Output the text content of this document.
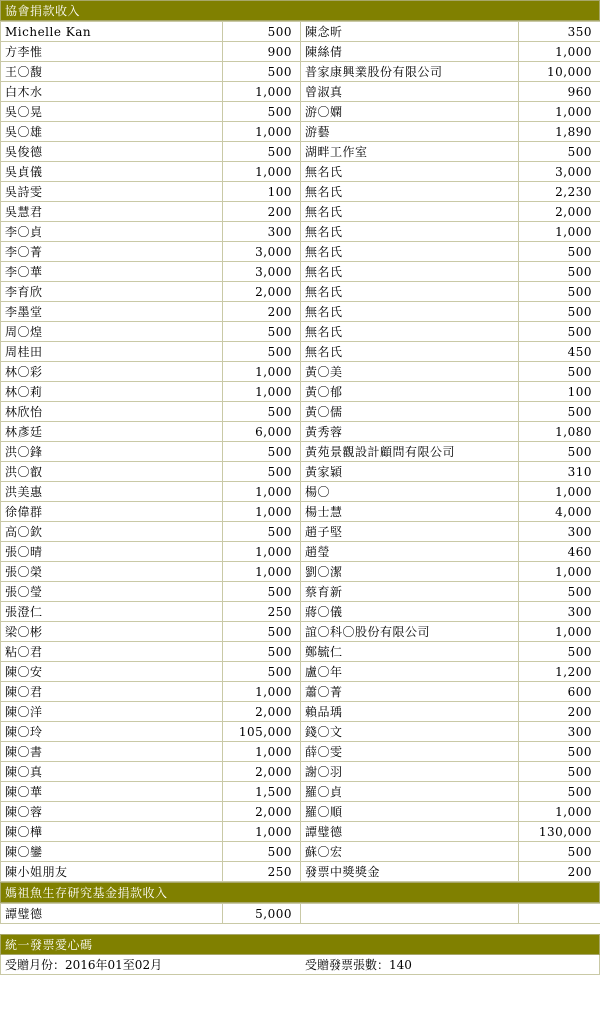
協會捐款收入
Michelle Kan	500	陳念昕	350
方李惟	900	陳絲倩	1,000
王〇馥	500	普家康興業股份有限公司	10,000
白木水	1,000	曾淑真	960
吳〇晃	500	游〇嫻	1,000
吳〇雄	1,000	游藝	1,890
吳俊德	500	湖畔工作室	500
吳貞儀	1,000	無名氏	3,000
吳詩雯	100	無名氏	2,230
吳慧君	200	無名氏	2,000
李〇貞	300	無名氏	1,000
李〇菁	3,000	無名氏	500
李〇華	3,000	無名氏	500
李育欣	2,000	無名氏	500
李墨堂	200	無名氏	500
周〇煌	500	無名氏	500
周桂田	500	無名氏	450
林〇彩	1,000	黃〇美	500
林〇莉	1,000	黃〇郁	100
林欣怡	500	黃〇儒	500
林彥廷	6,000	黃秀蓉	1,080
洪〇鋒	500	黃苑景觀設計顧問有限公司	500
洪〇叡	500	黃家穎	310
洪美惠	1,000	楊〇	1,000
徐偉群	1,000	楊士慧	4,000
高〇欽	500	趙子堅	300
張〇晴	1,000	趙瑩	460
張〇榮	1,000	劉〇潔	1,000
張〇瑩	500	蔡育新	500
張澄仁	250	蔣〇儀	300
梁〇彬	500	誼〇科〇股份有限公司	1,000
粘〇君	500	鄭毓仁	500
陳〇安	500	盧〇年	1,200
陳〇君	1,000	蕭〇菁	600
陳〇洋	2,000	賴品瑀	200
陳〇玲	105,000	錢〇文	300
陳〇書	1,000	薛〇雯	500
陳〇真	2,000	謝〇羽	500
陳〇華	1,500	羅〇貞	500
陳〇蓉	2,000	羅〇順	1,000
陳〇樺	1,000	譚璧德	130,000
陳〇鑾	500	蘇〇宏	500
陳小姐朋友	250	發票中獎獎金	200
媽祖魚生存研究基金捐款收入
譚璧德	5,000		
統一發票愛心碼
受贈月份：2016年01至02月	受贈發票張數：140
